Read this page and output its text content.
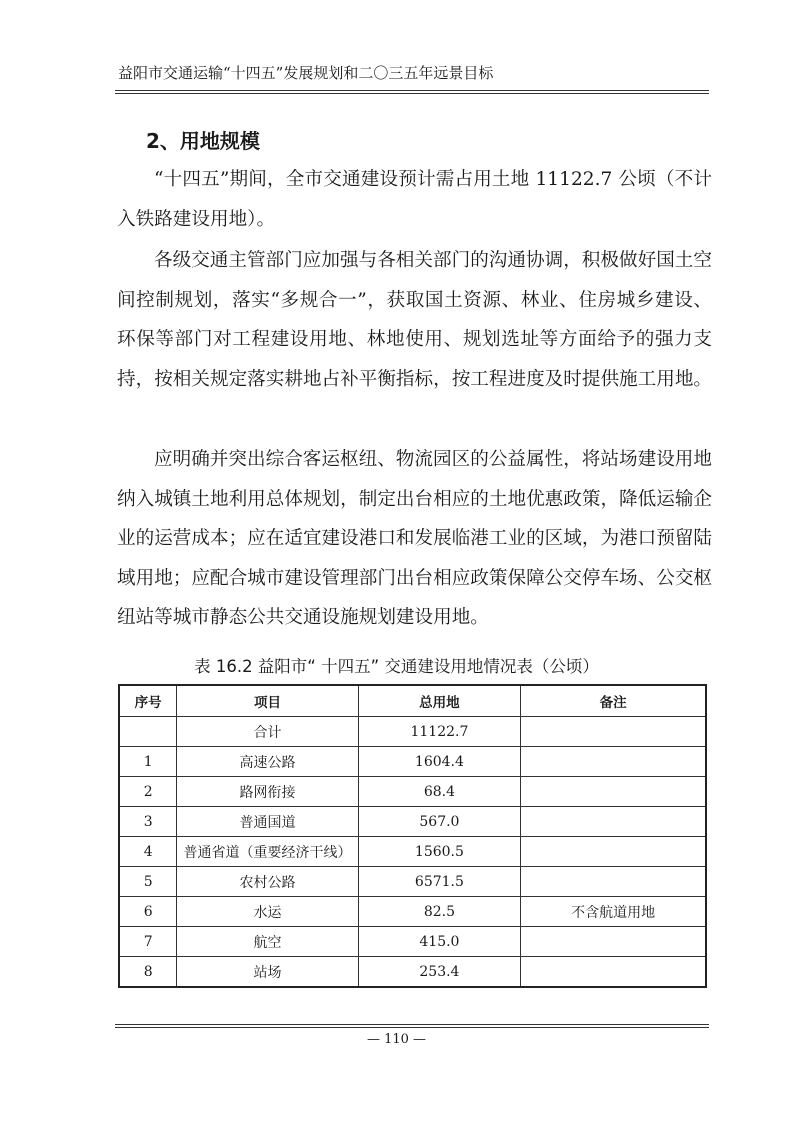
益阳市交通运输“十四五”发展规划和二〇三五年远景目标
2、用地规模

“十四五”期间，全市交通建设预计需占用土地 11122.7 公顷（不计入铁路建设用地）。

各级交通主管部门应加强与各相关部门的沟通协调，积极做好国土空间控制规划，落实“多规合一”，获取国土资源、林业、住房城乡建设、环保等部门对工程建设用地、林地使用、规划选址等方面给予的强力支持，按相关规定落实耕地占补平衡指标，按工程进度及时提供施工用地。

应明确并突出综合客运枢纽、物流园区的公益属性，将站场建设用地纳入城镇土地利用总体规划，制定出台相应的土地优惠政策，降低运输企业的运营成本；应在适宜建设港口和发展临港工业的区域，为港口预留陆域用地；应配合城市建设管理部门出台相应政策保障公交停车场、公交枢纽站等城市静态公共交通设施规划建设用地。

表 16.2 益阳市“ 十四五” 交通建设用地情况表（公顷）
序号	项目	总用地	备注
	合计	11122.7	
1	高速公路	1604.4	
2	路网衔接	68.4	
3	普通国道	567.0	
4	普通省道（重要经济干线）	1560.5	
5	农村公路	6571.5	
6	水运	82.5	不含航道用地
7	航空	415.0	
8	站场	253.4	
— 110 —
